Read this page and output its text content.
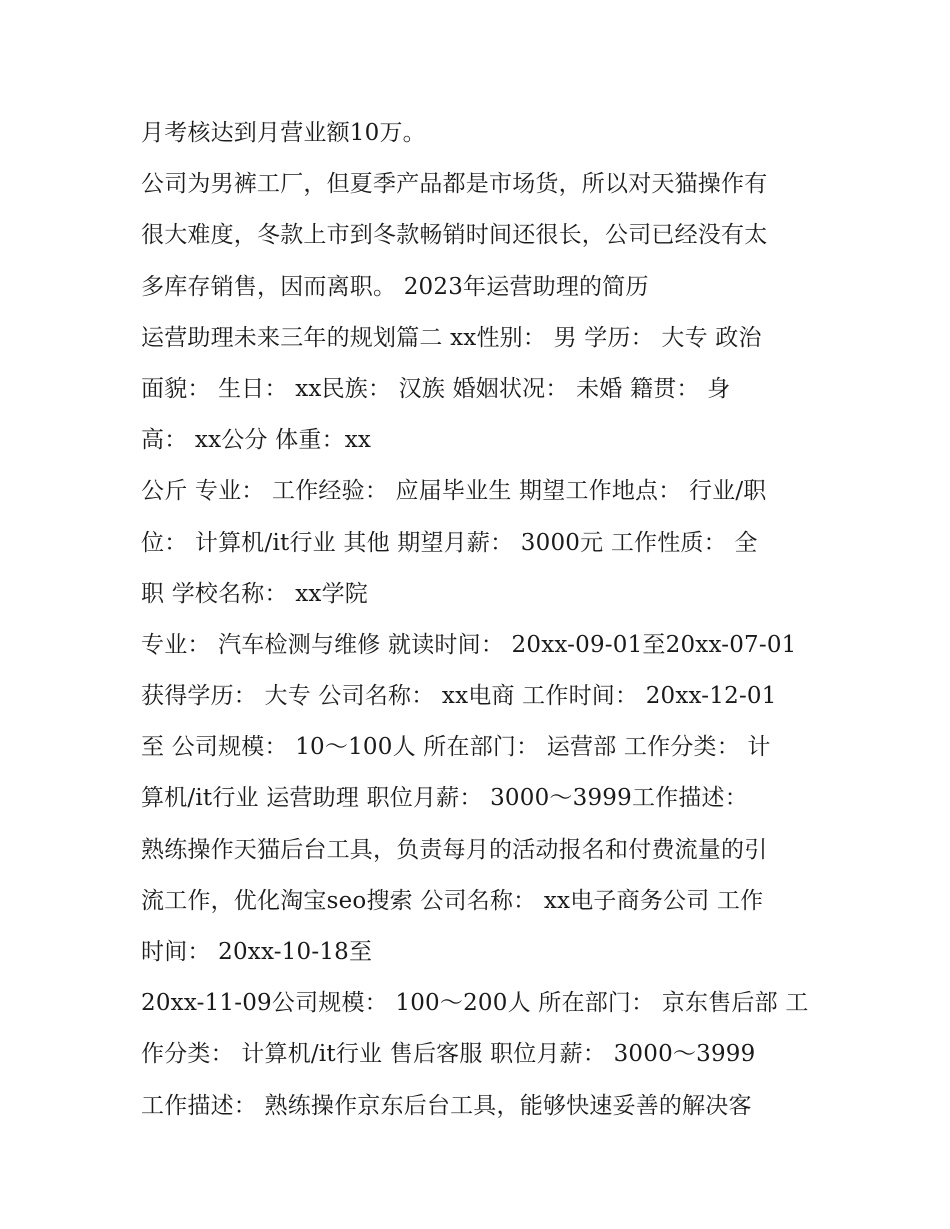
月考核达到月营业额10万。
公司为男裤工厂，但夏季产品都是市场货，所以对天猫操作有
很大难度，冬款上市到冬款畅销时间还很长，公司已经没有太
多库存销售，因而离职。 2023年运营助理的简历
运营助理未来三年的规划篇二 xx性别： 男 学历： 大专 政治
面貌： 生日： xx民族： 汉族 婚姻状况： 未婚 籍贯： 身
高： xx公分 体重：xx
公斤 专业： 工作经验： 应届毕业生 期望工作地点： 行业/职
位： 计算机/it行业 其他 期望月薪： 3000元 工作性质： 全
职 学校名称： xx学院
专业： 汽车检测与维修 就读时间： 20xx-09-01至20xx-07-01
获得学历： 大专 公司名称： xx电商 工作时间： 20xx-12-01
至 公司规模： 10～100人 所在部门： 运营部 工作分类： 计
算机/it行业 运营助理 职位月薪： 3000～3999工作描述：
熟练操作天猫后台工具，负责每月的活动报名和付费流量的引
流工作，优化淘宝seo搜索 公司名称： xx电子商务公司 工作
时间： 20xx-10-18至
20xx-11-09公司规模： 100～200人 所在部门： 京东售后部 工
作分类： 计算机/it行业 售后客服 职位月薪： 3000～3999
工作描述： 熟练操作京东后台工具，能够快速妥善的解决客
